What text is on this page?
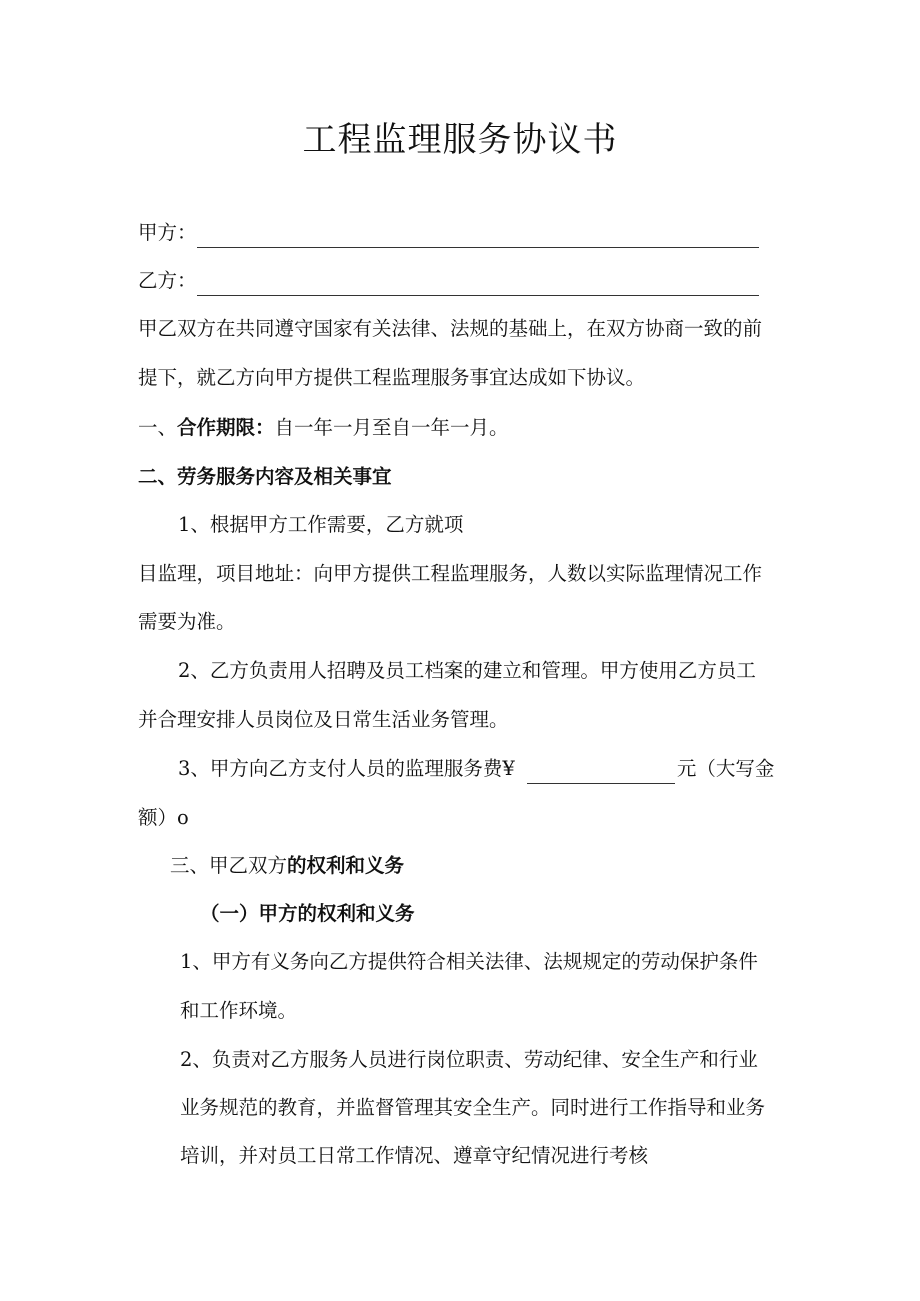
工程监理服务协议书
甲方：
乙方：
甲乙双方在共同遵守国家有关法律、法规的基础上，在双方协商一致的前
提下，就乙方向甲方提供工程监理服务事宜达成如下协议。
一、合作期限：自一年一月至自一年一月。
二、劳务服务内容及相关事宜
1、根据甲方工作需要，乙方就项
目监理，项目地址：向甲方提供工程监理服务，人数以实际监理情况工作
需要为准。
2、乙方负责用人招聘及员工档案的建立和管理。甲方使用乙方员工
并合理安排人员岗位及日常生活业务管理。
3、甲方向乙方支付人员的监理服务费¥	元（大写金
额）o
三、甲乙双方的权利和义务
（一）甲方的权利和义务
1、甲方有义务向乙方提供符合相关法律、法规规定的劳动保护条件
和工作环境。
2、负责对乙方服务人员进行岗位职责、劳动纪律、安全生产和行业
业务规范的教育，并监督管理其安全生产。同时进行工作指导和业务
培训，并对员工日常工作情况、遵章守纪情况进行考核
